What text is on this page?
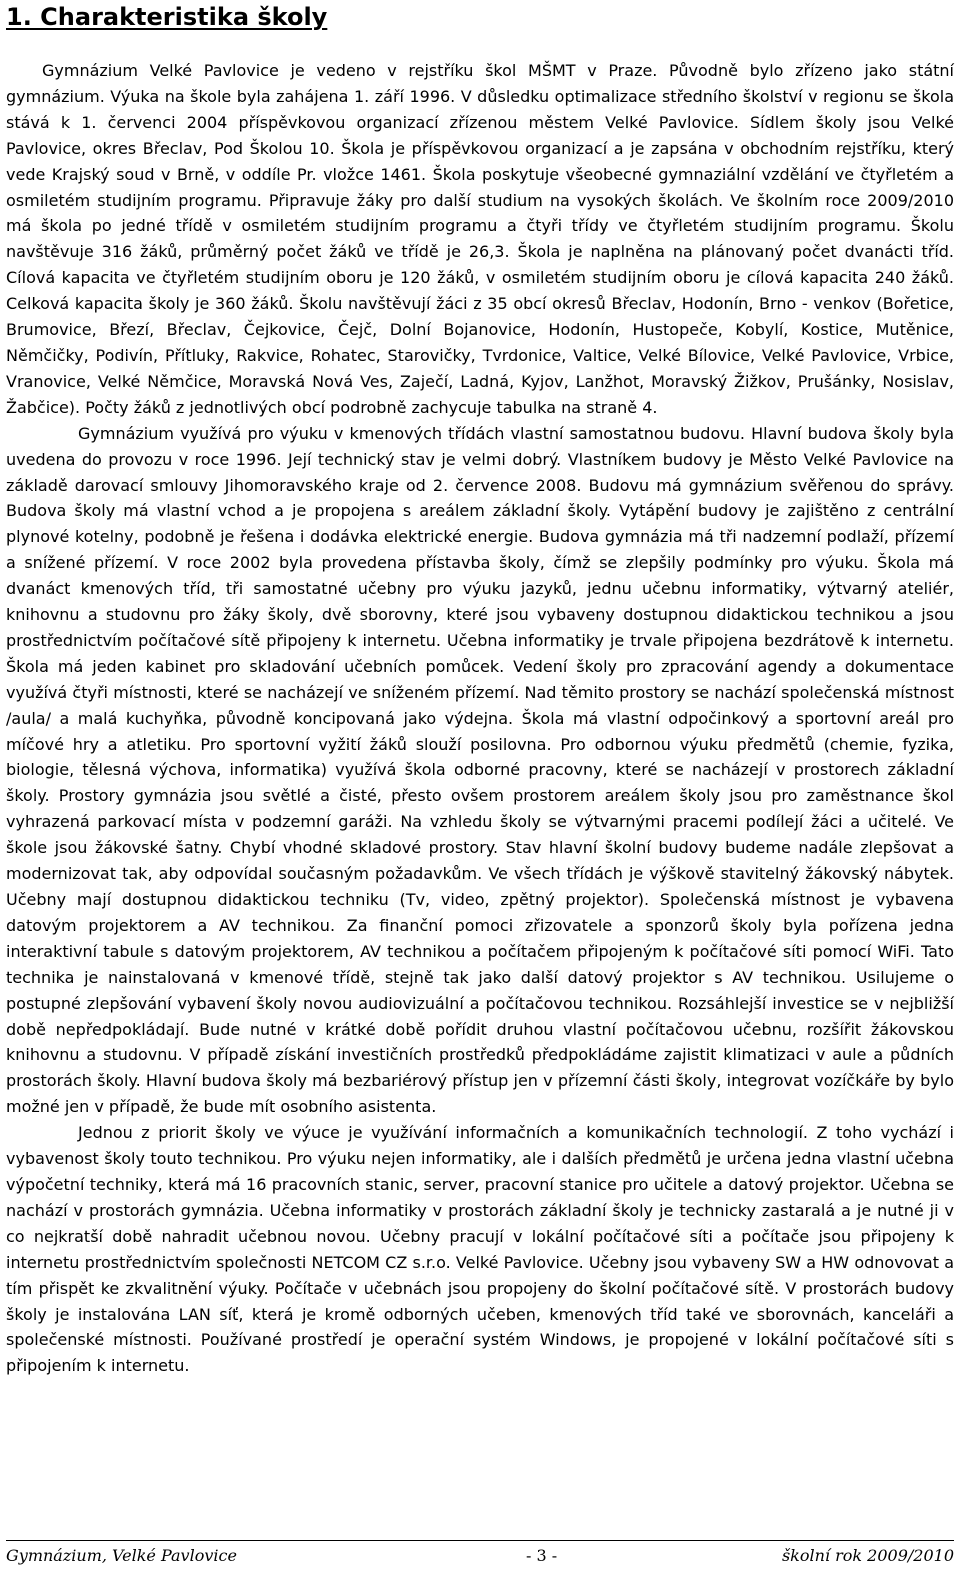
1. Charakteristika školy

Gymnázium Velké Pavlovice je vedeno v rejstříku škol MŠMT v Praze. Původně bylo zřízeno jako státní gymnázium. Výuka na škole byla zahájena 1. září 1996. V důsledku optimalizace středního školství v regionu se škola stává k 1. červenci 2004 příspěvkovou organizací zřízenou městem Velké Pavlovice. Sídlem školy jsou Velké Pavlovice, okres Břeclav, Pod Školou 10. Škola je příspěvkovou organizací a je zapsána v obchodním rejstříku, který vede Krajský soud v Brně, v oddíle Pr. vložce 1461. Škola poskytuje všeobecné gymnaziální vzdělání ve čtyřletém a osmiletém studijním programu. Připravuje žáky pro další studium na vysokých školách. Ve školním roce 2009/2010 má škola po jedné třídě v osmiletém studijním programu a čtyři třídy ve čtyřletém studijním programu. Školu navštěvuje 316 žáků, průměrný počet žáků ve třídě je 26,3. Škola je naplněna na plánovaný počet dvanácti tříd. Cílová kapacita ve čtyřletém studijním oboru je 120 žáků, v osmiletém studijním oboru je cílová kapacita 240 žáků. Celková kapacita školy je 360 žáků. Školu navštěvují žáci z 35 obcí okresů Břeclav, Hodonín, Brno - venkov (Bořetice, Brumovice, Březí, Břeclav, Čejkovice, Čejč, Dolní Bojanovice, Hodonín, Hustopeče, Kobylí, Kostice, Mutěnice, Němčičky, Podivín, Přítluky, Rakvice, Rohatec, Starovičky, Tvrdonice, Valtice, Velké Bílovice, Velké Pavlovice, Vrbice, Vranovice, Velké Němčice, Moravská Nová Ves, Zaječí, Ladná, Kyjov, Lanžhot, Moravský Žižkov, Prušánky, Nosislav, Žabčice). Počty žáků z jednotlivých obcí podrobně zachycuje tabulka na straně 4.

Gymnázium využívá pro výuku v kmenových třídách vlastní samostatnou budovu. Hlavní budova školy byla uvedena do provozu v roce 1996. Její technický stav je velmi dobrý. Vlastníkem budovy je Město Velké Pavlovice na základě darovací smlouvy Jihomoravského kraje od 2. července 2008. Budovu má gymnázium svěřenou do správy. Budova školy má vlastní vchod a je propojena s areálem základní školy. Vytápění budovy je zajištěno z centrální plynové kotelny, podobně je řešena i dodávka elektrické energie. Budova gymnázia má tři nadzemní podlaží, přízemí a snížené přízemí. V roce 2002 byla provedena přístavba školy, čímž se zlepšily podmínky pro výuku. Škola má dvanáct kmenových tříd, tři samostatné učebny pro výuku jazyků, jednu učebnu informatiky, výtvarný ateliér, knihovnu a studovnu pro žáky školy, dvě sborovny, které jsou vybaveny dostupnou didaktickou technikou a jsou prostřednictvím počítačové sítě připojeny k internetu. Učebna informatiky je trvale připojena bezdrátově k internetu. Škola má jeden kabinet pro skladování učebních pomůcek. Vedení školy pro zpracování agendy a dokumentace využívá čtyři místnosti, které se nacházejí ve sníženém přízemí. Nad těmito prostory se nachází společenská místnost /aula/ a malá kuchyňka, původně koncipovaná jako výdejna. Škola má vlastní odpočinkový a sportovní areál pro míčové hry a atletiku. Pro sportovní vyžití žáků slouží posilovna. Pro odbornou výuku předmětů (chemie, fyzika, biologie, tělesná výchova, informatika) využívá škola odborné pracovny, které se nacházejí v prostorech základní školy. Prostory gymnázia jsou světlé a čisté, přesto ovšem prostorem areálem školy jsou pro zaměstnance škol vyhrazená parkovací místa v podzemní garáži. Na vzhledu školy se výtvarnými pracemi podílejí žáci a učitelé. Ve škole jsou žákovské šatny. Chybí vhodné skladové prostory. Stav hlavní školní budovy budeme nadále zlepšovat a modernizovat tak, aby odpovídal současným požadavkům. Ve všech třídách je výškově stavitelný žákovský nábytek. Učebny mají dostupnou didaktickou techniku (Tv, video, zpětný projektor). Společenská místnost je vybavena datovým projektorem a AV technikou. Za finanční pomoci zřizovatele a sponzorů školy byla pořízena jedna interaktivní tabule s datovým projektorem, AV technikou a počítačem připojeným k počítačové síti pomocí WiFi. Tato technika je nainstalovaná v kmenové třídě, stejně tak jako další datový projektor s AV technikou. Usilujeme o postupné zlepšování vybavení školy novou audiovizuální a počítačovou technikou. Rozsáhlejší investice se v nejbližší době nepředpokládají. Bude nutné v krátké době pořídit druhou vlastní počítačovou učebnu, rozšířit žákovskou knihovnu a studovnu. V případě získání investičních prostředků předpokládáme zajistit klimatizaci v aule a půdních prostorách školy. Hlavní budova školy má bezbariérový přístup jen v přízemní části školy, integrovat vozíčkáře by bylo možné jen v případě, že bude mít osobního asistenta.

Jednou z priorit školy ve výuce je využívání informačních a komunikačních technologií. Z toho vychází i vybavenost školy touto technikou. Pro výuku nejen informatiky, ale i dalších předmětů je určena jedna vlastní učebna výpočetní techniky, která má 16 pracovních stanic, server, pracovní stanice pro učitele a datový projektor. Učebna se nachází v prostorách gymnázia. Učebna informatiky v prostorách základní školy je technicky zastaralá a je nutné ji v co nejkratší době nahradit učebnou novou. Učebny pracují v lokální počítačové síti a počítače jsou připojeny k internetu prostřednictvím společnosti NETCOM CZ s.r.o. Velké Pavlovice. Učebny jsou vybaveny SW a HW odnovovat a tím přispět ke zkvalitnění výuky. Počítače v učebnách jsou propojeny do školní počítačové sítě. V prostorách budovy školy je instalována LAN síť, která je kromě odborných učeben, kmenových tříd také ve sborovnách, kanceláři a společenské místnosti. Používané prostředí je operační systém Windows, je propojené v lokální počítačové síti s připojením k internetu.

Gymnázium, Velké Pavlovice	- 3 -	školní rok 2009/2010
